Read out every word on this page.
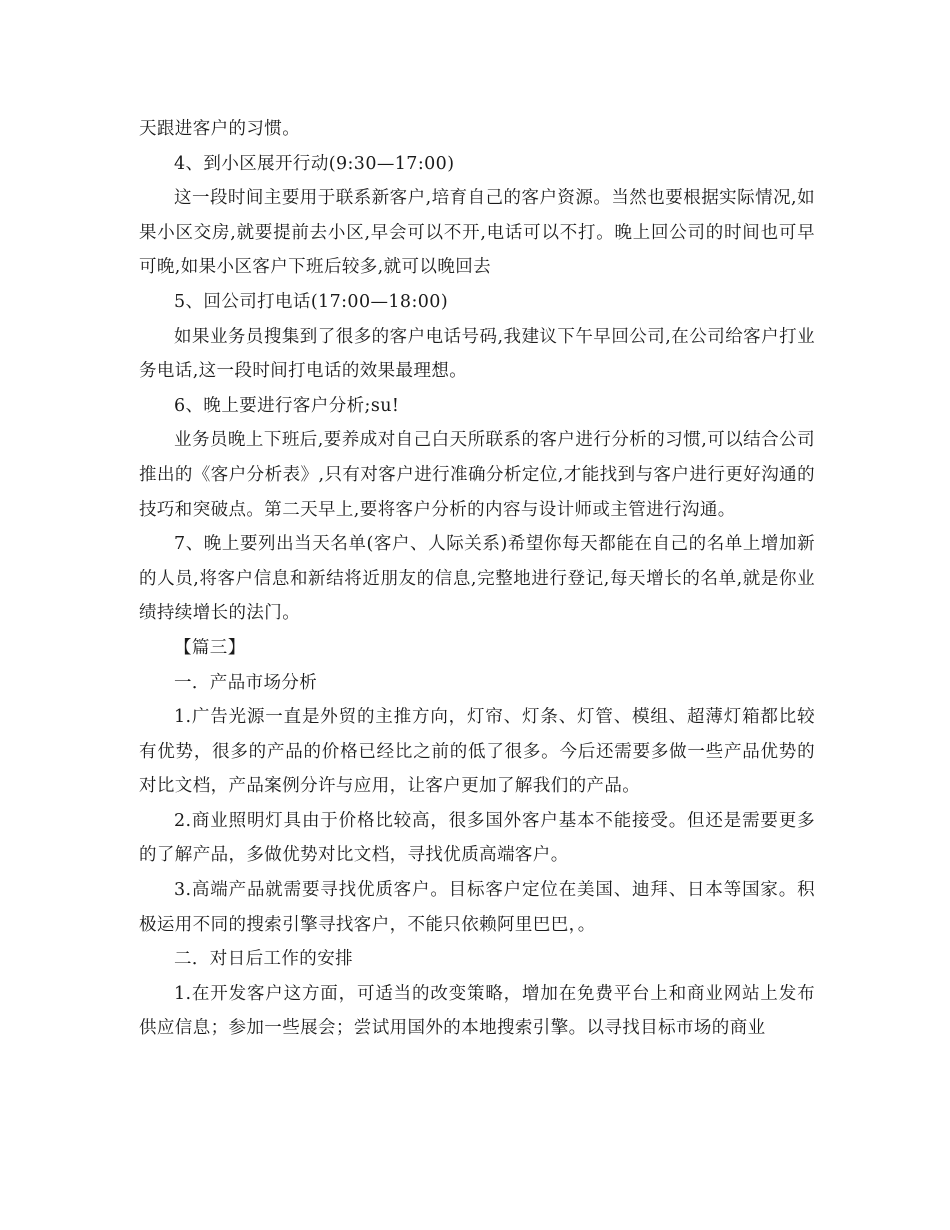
天跟进客户的习惯。

4、到小区展开行动(9:30—17:00)

这一段时间主要用于联系新客户,培育自己的客户资源。当然也要根据实际情况,如果小区交房,就要提前去小区,早会可以不开,电话可以不打。晚上回公司的时间也可早可晚,如果小区客户下班后较多,就可以晚回去

5、回公司打电话(17:00—18:00)

如果业务员搜集到了很多的客户电话号码,我建议下午早回公司,在公司给客户打业务电话,这一段时间打电话的效果最理想。

6、晚上要进行客户分析;su!

业务员晚上下班后,要养成对自己白天所联系的客户进行分析的习惯,可以结合公司推出的《客户分析表》,只有对客户进行准确分析定位,才能找到与客户进行更好沟通的技巧和突破点。第二天早上,要将客户分析的内容与设计师或主管进行沟通。

7、晚上要列出当天名单(客户、人际关系)希望你每天都能在自己的名单上增加新的人员,将客户信息和新结将近朋友的信息,完整地进行登记,每天增长的名单,就是你业绩持续增长的法门。

【篇三】

一．产品市场分析

1.广告光源一直是外贸的主推方向，灯帘、灯条、灯管、模组、超薄灯箱都比较有优势，很多的产品的价格已经比之前的低了很多。今后还需要多做一些产品优势的对比文档，产品案例分许与应用，让客户更加了解我们的产品。

2.商业照明灯具由于价格比较高，很多国外客户基本不能接受。但还是需要更多的了解产品，多做优势对比文档，寻找优质高端客户。

3.高端产品就需要寻找优质客户。目标客户定位在美国、迪拜、日本等国家。积极运用不同的搜索引擎寻找客户，不能只依赖阿里巴巴，。

二．对日后工作的安排

1.在开发客户这方面，可适当的改变策略，增加在免费平台上和商业网站上发布供应信息；参加一些展会；尝试用国外的本地搜索引擎。以寻找目标市场的商业
